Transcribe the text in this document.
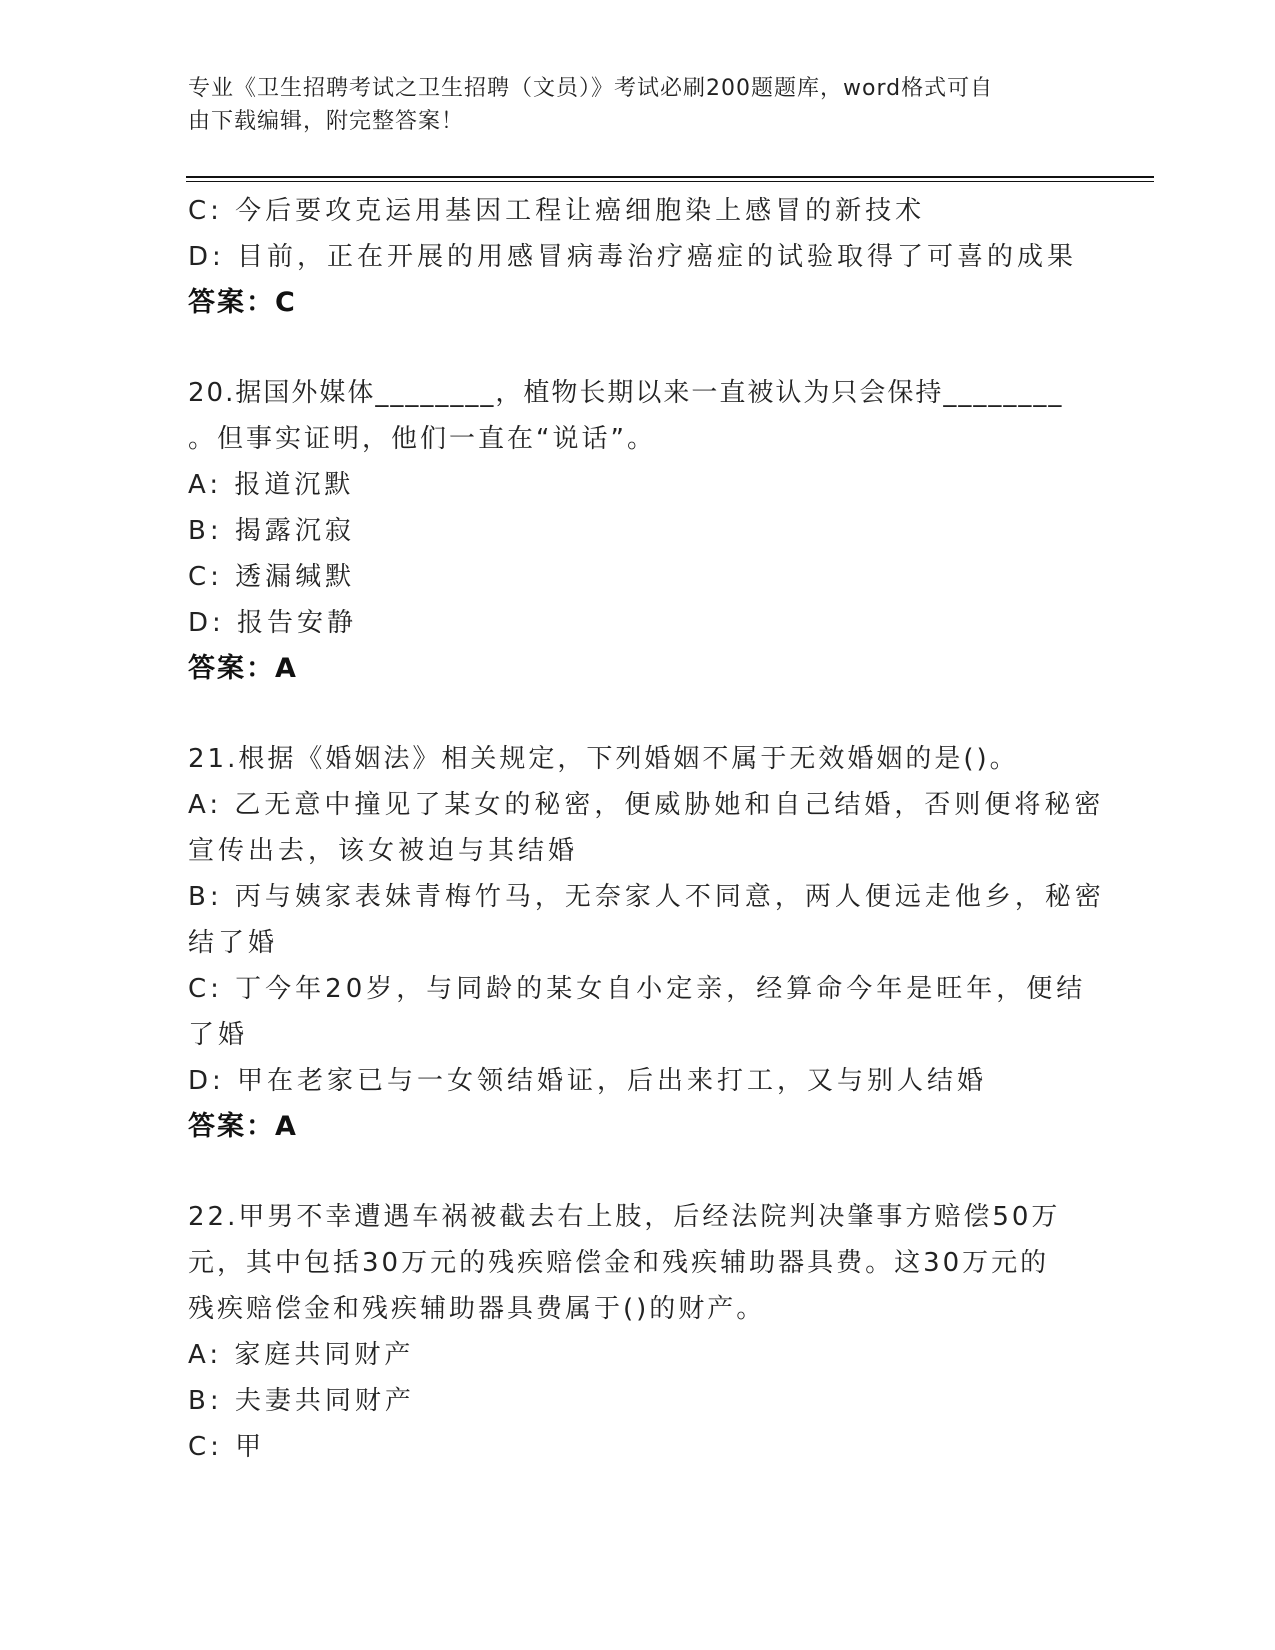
专业《卫生招聘考试之卫生招聘（文员）》考试必刷200题题库，word格式可自
由下载编辑，附完整答案！
C: 今后要攻克运用基因工程让癌细胞染上感冒的新技术
D: 目前，正在开展的用感冒病毒治疗癌症的试验取得了可喜的成果
答案：C
20.据国外媒体________，植物长期以来一直被认为只会保持________
。但事实证明，他们一直在“说话”。
A: 报道沉默
B: 揭露沉寂
C: 透漏缄默
D: 报告安静
答案：A
21.根据《婚姻法》相关规定，下列婚姻不属于无效婚姻的是()。
A: 乙无意中撞见了某女的秘密，便威胁她和自己结婚，否则便将秘密
宣传出去，该女被迫与其结婚
B: 丙与姨家表妹青梅竹马，无奈家人不同意，两人便远走他乡，秘密
结了婚
C: 丁今年20岁，与同龄的某女自小定亲，经算命今年是旺年，便结
了婚
D: 甲在老家已与一女领结婚证，后出来打工，又与别人结婚
答案：A
22.甲男不幸遭遇车祸被截去右上肢，后经法院判决肇事方赔偿50万
元，其中包括30万元的残疾赔偿金和残疾辅助器具费。这30万元的
残疾赔偿金和残疾辅助器具费属于()的财产。
A: 家庭共同财产
B: 夫妻共同财产
C: 甲
